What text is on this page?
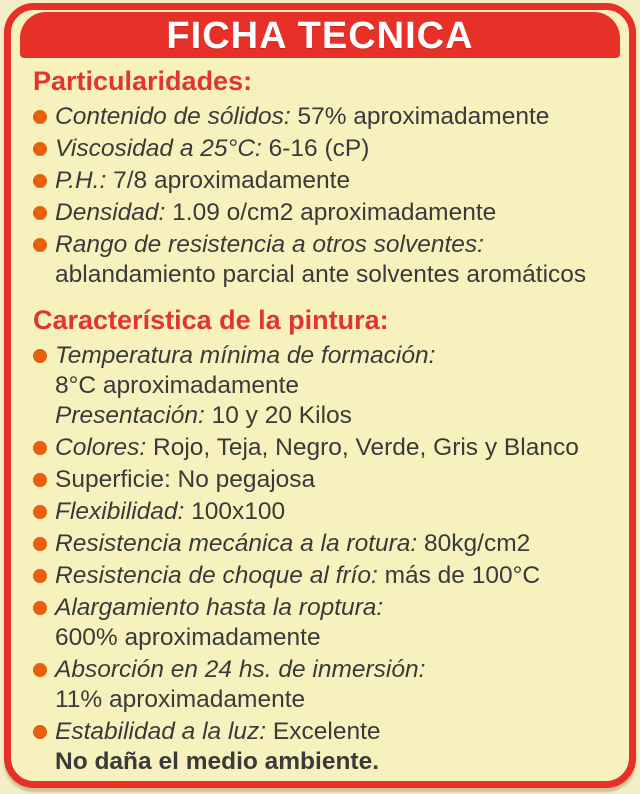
FICHA TECNICA
Particularidades:
Contenido de sólidos: 57% aproximadamente
Viscosidad a 25°C: 6-16 (cP)
P.H.: 7/8 aproximadamente
Densidad: 1.09 o/cm2 aproximadamente
Rango de resistencia a otros solventes:
ablandamiento parcial ante solventes aromáticos
Característica de la pintura:
Temperatura mínima de formación:
8°C aproximadamente
Presentación: 10 y 20 Kilos
Colores: Rojo, Teja, Negro, Verde, Gris y Blanco
Superficie: No pegajosa
Flexibilidad: 100x100
Resistencia mecánica a la rotura: 80kg/cm2
Resistencia de choque al frío: más de 100°C
Alargamiento hasta la roptura:
600% aproximadamente
Absorción en 24 hs. de inmersión:
11% aproximadamente
Estabilidad a la luz: Excelente
No daña el medio ambiente.
